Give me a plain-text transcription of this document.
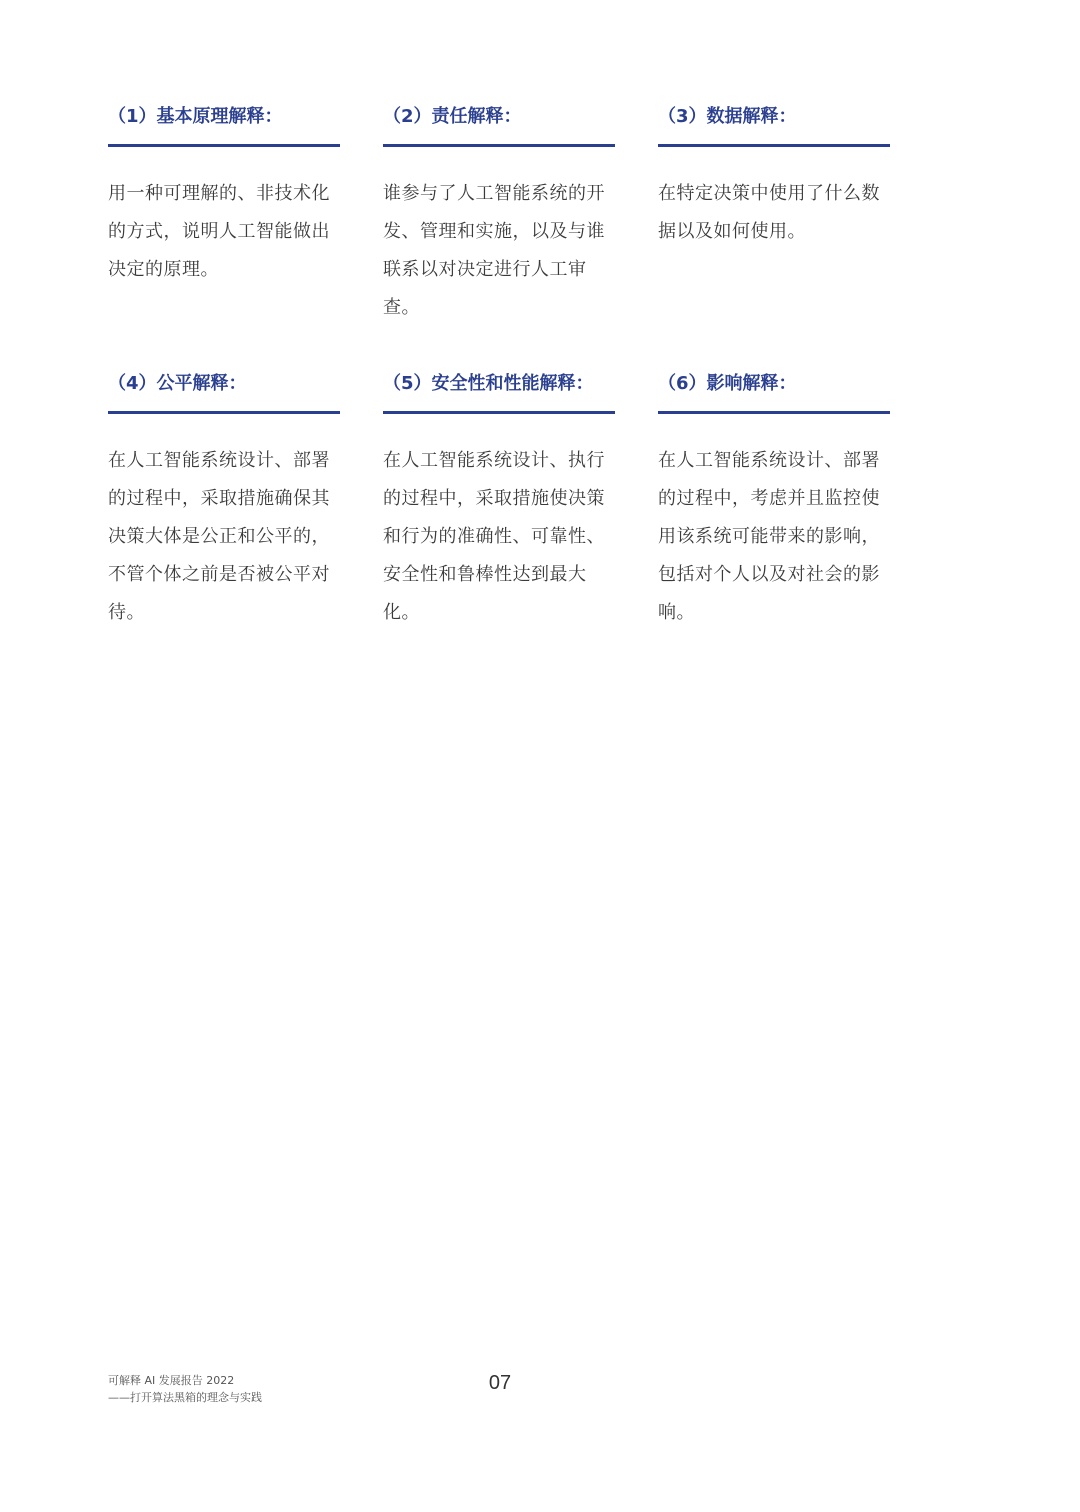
（1）基本原理解释：

用一种可理解的、非技术化的方式，说明人工智能做出决定的原理。

（2）责任解释：

谁参与了人工智能系统的开发、管理和实施，以及与谁联系以对决定进行人工审查。

（3）数据解释：

在特定决策中使用了什么数据以及如何使用。

（4）公平解释：

在人工智能系统设计、部署的过程中，采取措施确保其决策大体是公正和公平的，不管个体之前是否被公平对待。

（5）安全性和性能解释：

在人工智能系统设计、执行的过程中，采取措施使决策和行为的准确性、可靠性、安全性和鲁棒性达到最大化。

（6）影响解释：

在人工智能系统设计、部署的过程中，考虑并且监控使用该系统可能带来的影响，包括对个人以及对社会的影响。

可解释 AI 发展报告 2022
——打开算法黑箱的理念与实践
07
